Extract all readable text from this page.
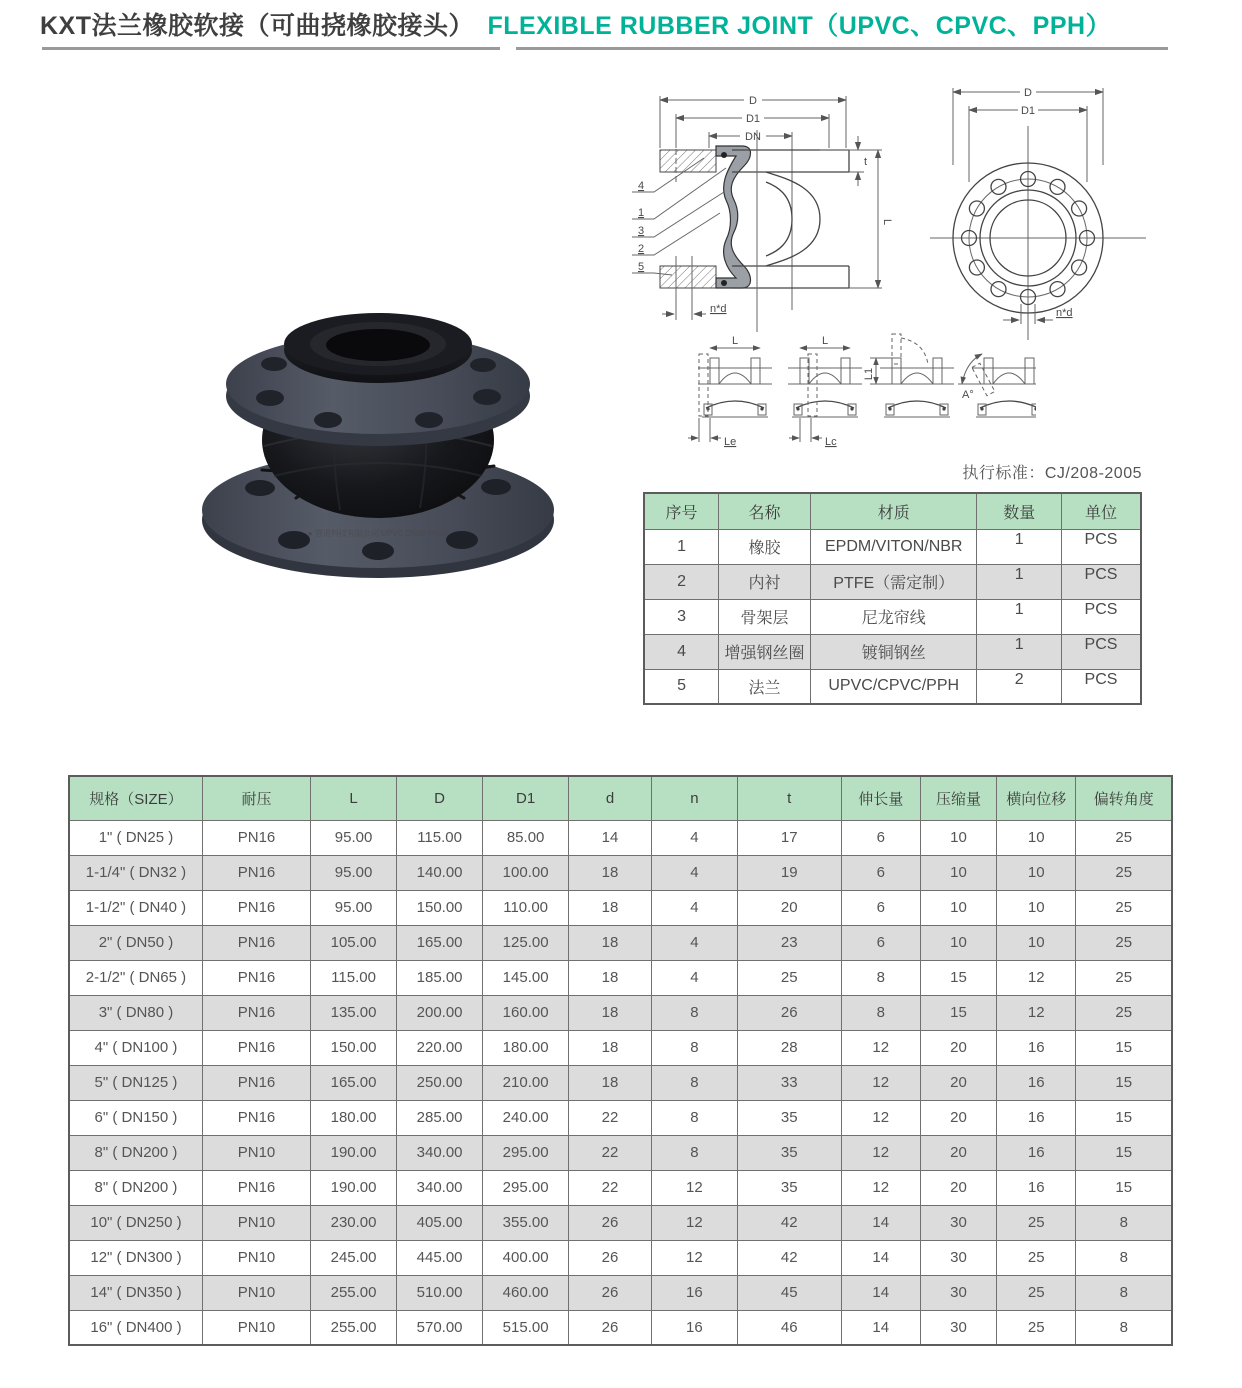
KXT法兰橡胶软接（可曲挠橡胶接头） FLEXIBLE RUBBER JOINT（UPVC、CPVC、PPH）
● 管道科技有限公司 UPVC DN80 PN16
D
D1
DN
t
L
n*d
4
1
3
2
5
D
D1
n*d
L
Le
L
Lc
L1
A°
执行标准：CJ/208-2005
序号	名称	材质	数量	单位
1	橡胶	EPDM/VITON/NBR	1	PCS
2	内衬	PTFE（需定制）	1	PCS
3	骨架层	尼龙帘线	1	PCS
4	增强钢丝圈	镀铜钢丝	1	PCS
5	法兰	UPVC/CPVC/PPH	2	PCS
规格（SIZE）	耐压	L	D	D1	d	n	t	伸长量	压缩量	横向位移	偏转角度
1" ( DN25 )	PN16	95.00	115.00	85.00	14	4	17	6	10	10	25
1-1/4" ( DN32 )	PN16	95.00	140.00	100.00	18	4	19	6	10	10	25
1-1/2" ( DN40 )	PN16	95.00	150.00	110.00	18	4	20	6	10	10	25
2" ( DN50 )	PN16	105.00	165.00	125.00	18	4	23	6	10	10	25
2-1/2" ( DN65 )	PN16	115.00	185.00	145.00	18	4	25	8	15	12	25
3" ( DN80 )	PN16	135.00	200.00	160.00	18	8	26	8	15	12	25
4" ( DN100 )	PN16	150.00	220.00	180.00	18	8	28	12	20	16	15
5" ( DN125 )	PN16	165.00	250.00	210.00	18	8	33	12	20	16	15
6" ( DN150 )	PN16	180.00	285.00	240.00	22	8	35	12	20	16	15
8" ( DN200 )	PN10	190.00	340.00	295.00	22	8	35	12	20	16	15
8" ( DN200 )	PN16	190.00	340.00	295.00	22	12	35	12	20	16	15
10" ( DN250 )	PN10	230.00	405.00	355.00	26	12	42	14	30	25	8
12" ( DN300 )	PN10	245.00	445.00	400.00	26	12	42	14	30	25	8
14" ( DN350 )	PN10	255.00	510.00	460.00	26	16	45	14	30	25	8
16" ( DN400 )	PN10	255.00	570.00	515.00	26	16	46	14	30	25	8
